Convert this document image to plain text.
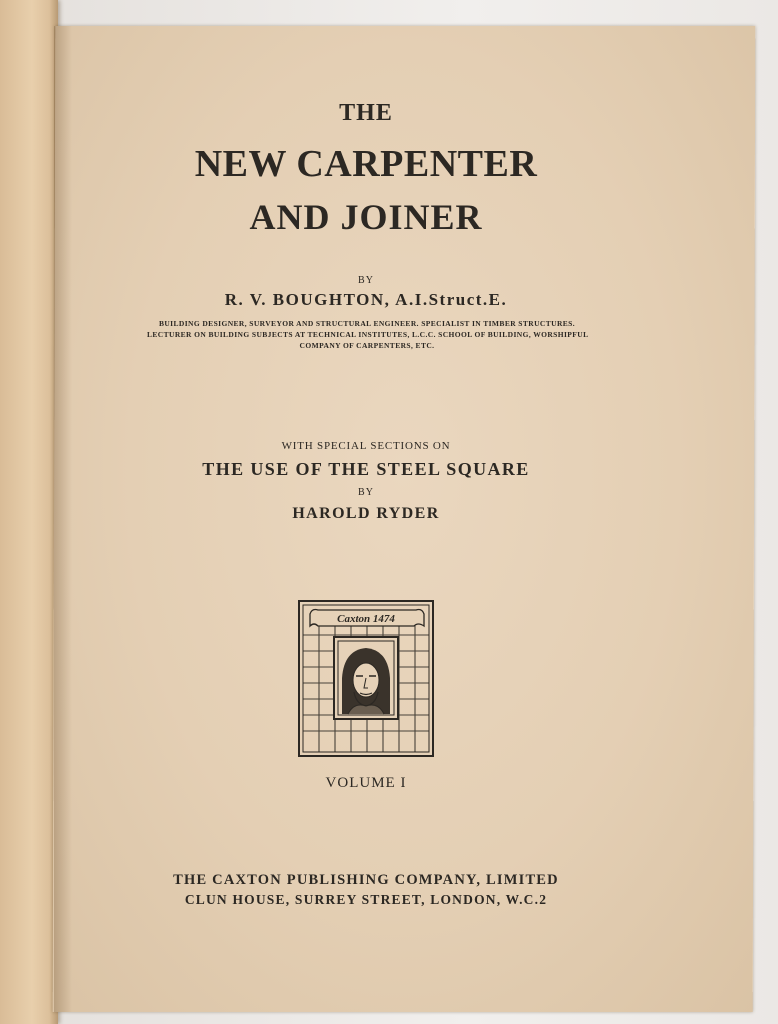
THE
NEW CARPENTER
AND JOINER
BY
R. V. BOUGHTON, A.I.Struct.E.
BUILDING DESIGNER, SURVEYOR AND STRUCTURAL ENGINEER. SPECIALIST IN TIMBER STRUCTURES.
LECTURER ON BUILDING SUBJECTS AT TECHNICAL INSTITUTES, L.C.C. SCHOOL OF BUILDING, WORSHIPFUL
COMPANY OF CARPENTERS, ETC.
WITH SPECIAL SECTIONS ON
THE USE OF THE STEEL SQUARE
BY
HAROLD RYDER
Caxton 1474
VOLUME I
THE CAXTON PUBLISHING COMPANY, LIMITED
CLUN HOUSE, SURREY STREET, LONDON, W.C.2
